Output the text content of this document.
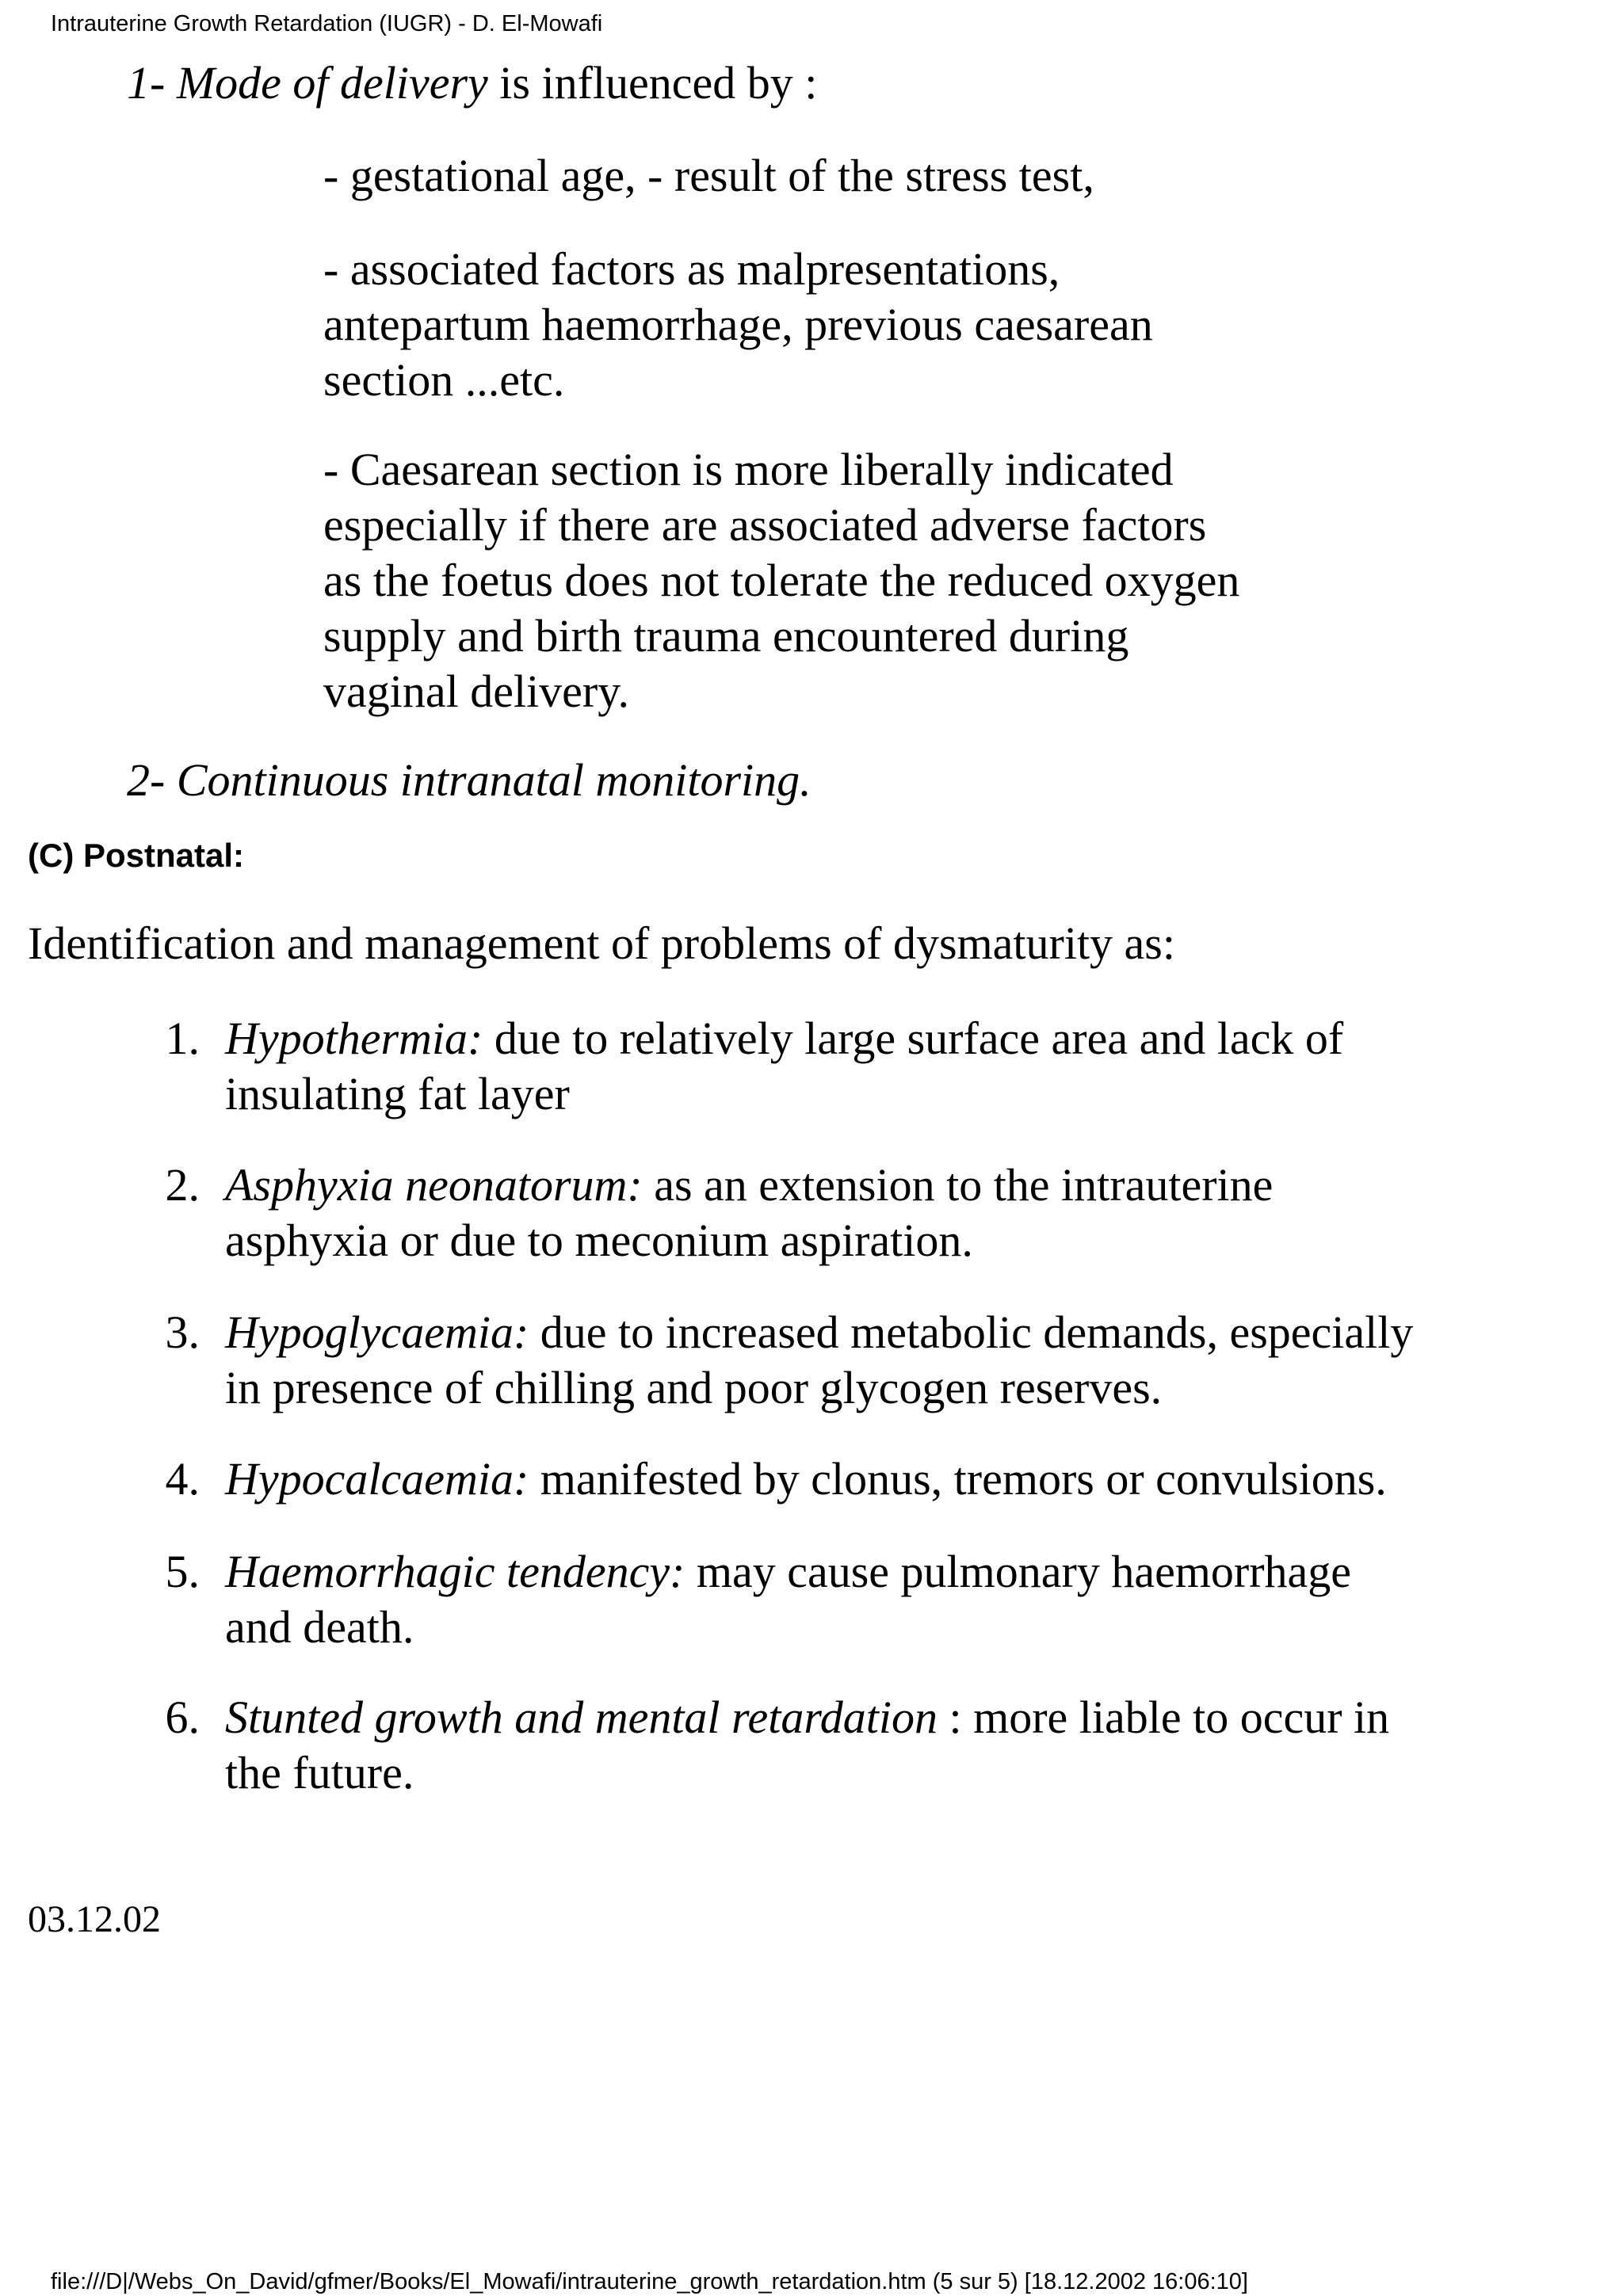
Intrauterine Growth Retardation (IUGR) - D. El-Mowafi
1- Mode of delivery is influenced by :
- gestational age, - result of the stress test,
- associated factors as malpresentations,
antepartum haemorrhage, previous caesarean
section ...etc.
- Caesarean section is more liberally indicated
especially if there are associated adverse factors
as the foetus does not tolerate the reduced oxygen
supply and birth trauma encountered during
vaginal delivery.
2- Continuous intranatal monitoring.
(C) Postnatal:
Identification and management of problems of dysmaturity as:
1. Hypothermia: due to relatively large surface area and lack of
insulating fat layer
2. Asphyxia neonatorum: as an extension to the intrauterine
asphyxia or due to meconium aspiration.
3. Hypoglycaemia: due to increased metabolic demands, especially
in presence of chilling and poor glycogen reserves.
4. Hypocalcaemia: manifested by clonus, tremors or convulsions.
5. Haemorrhagic tendency: may cause pulmonary haemorrhage
and death.
6. Stunted growth and mental retardation : more liable to occur in
the future.
03.12.02
file:///D|/Webs_On_David/gfmer/Books/El_Mowafi/intrauterine_growth_retardation.htm (5 sur 5) [18.12.2002 16:06:10]
